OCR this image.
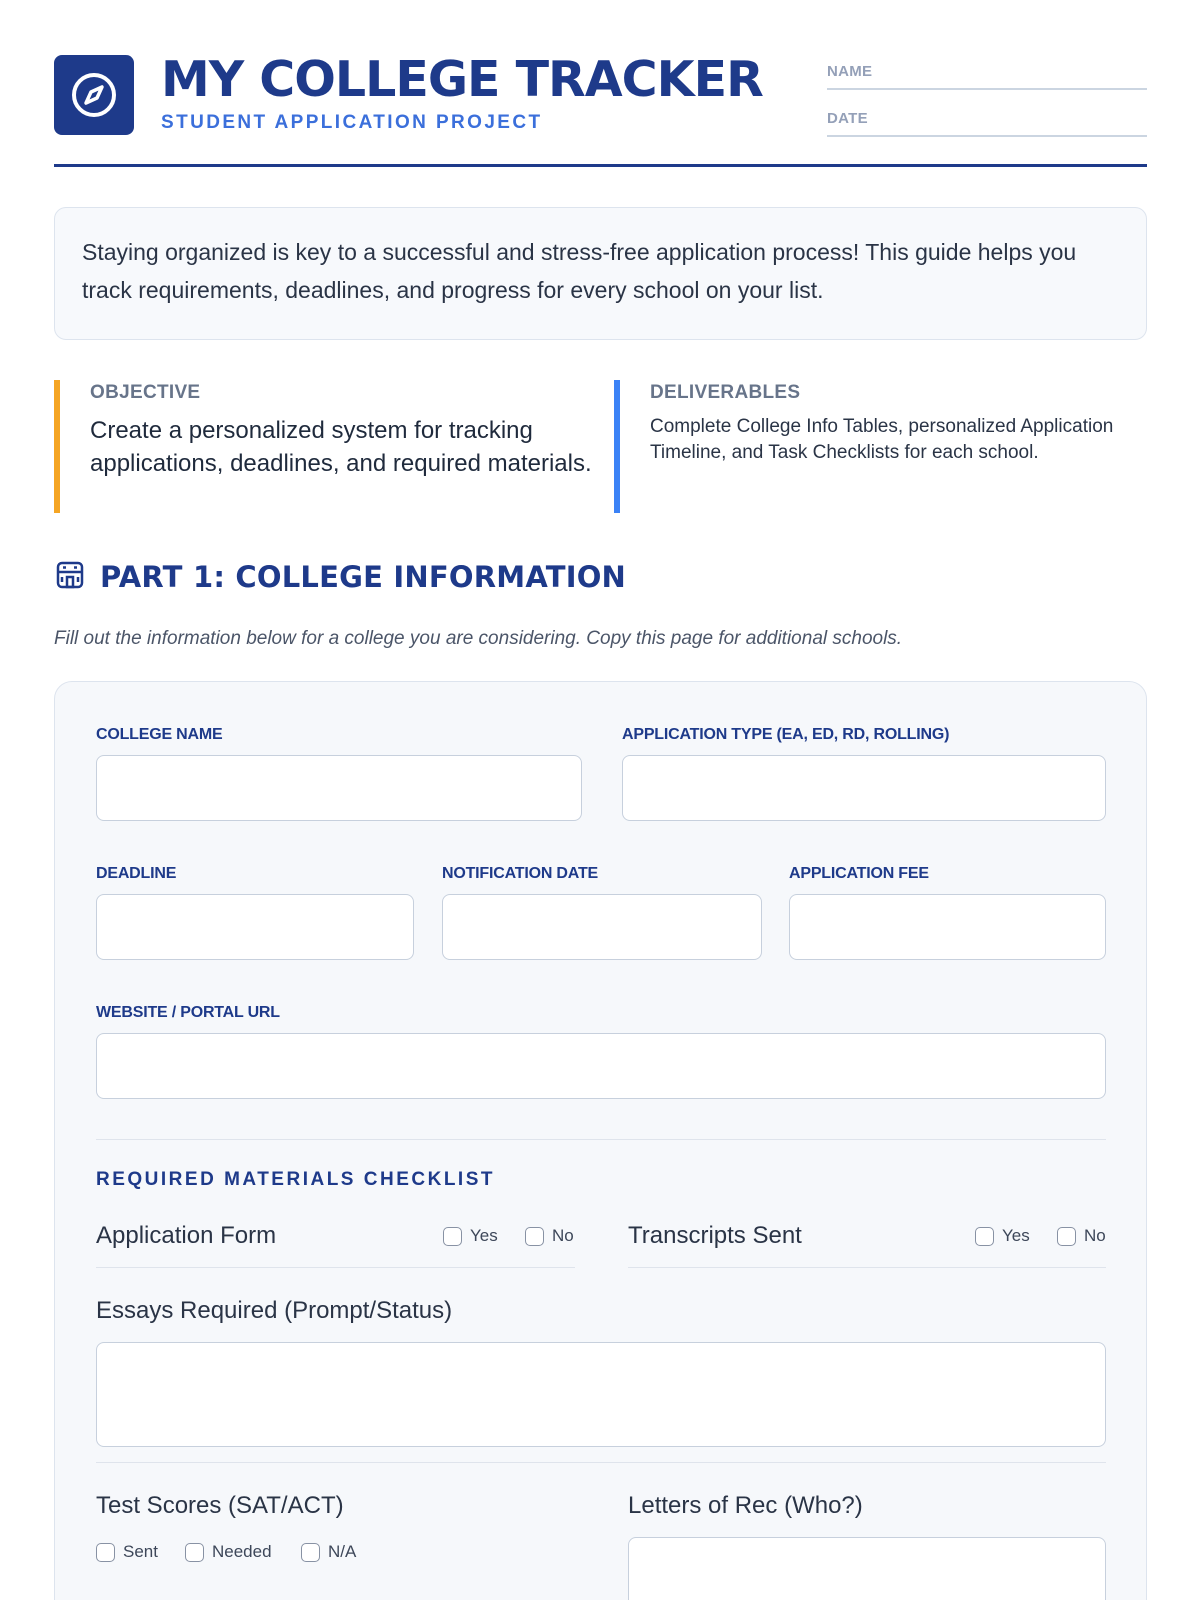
MY COLLEGE TRACKER
STUDENT APPLICATION PROJECT
NAME
DATE
Staying organized is key to a successful and stress-free application process! This guide helps you track requirements, deadlines, and progress for every school on your list.
OBJECTIVE
Create a personalized system for tracking applications, deadlines, and required materials.
DELIVERABLES
Complete College Info Tables, personalized Application Timeline, and Task Checklists for each school.
PART 1: COLLEGE INFORMATION
Fill out the information below for a college you are considering. Copy this page for additional schools.
COLLEGE NAME	APPLICATION TYPE (EA, ED, RD, ROLLING)
DEADLINE	NOTIFICATION DATE	APPLICATION FEE
WEBSITE / PORTAL URL
REQUIRED MATERIALS CHECKLIST
Application Form	Yes	No Transcripts Sent	Yes	No
Essays Required (Prompt/Status)
Test Scores (SAT/ACT)
Sent	Needed	N/A
Letters of Rec (Who?)
